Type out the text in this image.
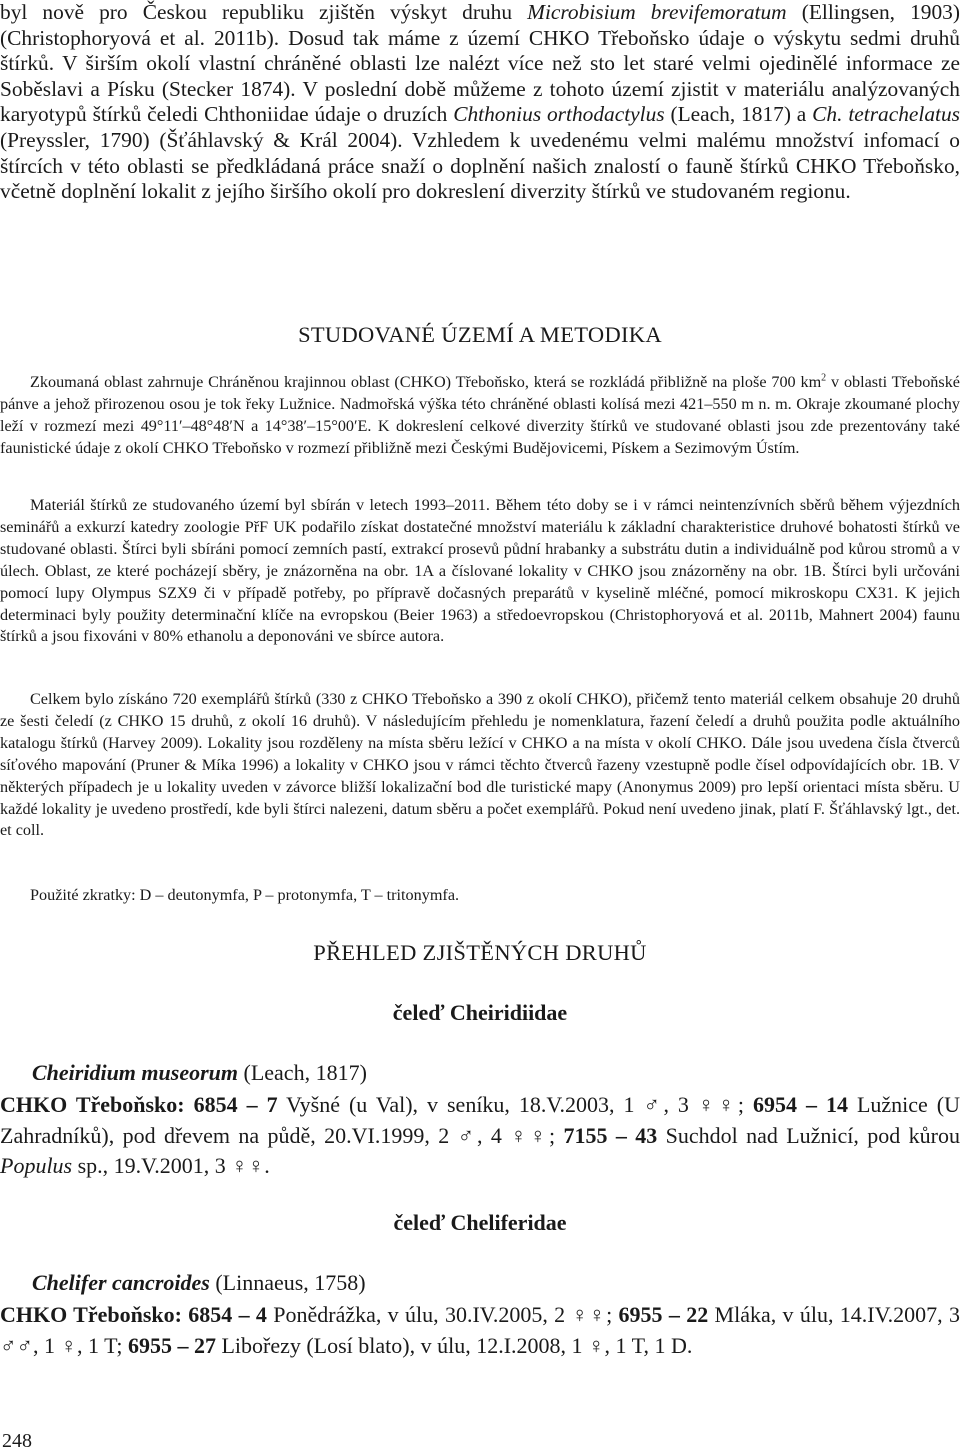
byl nově pro Českou republiku zjištěn výskyt druhu Microbisium brevifemoratum (Ellingsen, 1903) (Christophoryová et al. 2011b). Dosud tak máme z území CHKO Třeboňsko údaje o výskytu sedmi druhů štírků. V širším okolí vlastní chráněné oblasti lze nalézt více než sto let staré velmi ojedinělé informace ze Soběslavi a Písku (Stecker 1874). V poslední době můžeme z tohoto území zjistit v materiálu analýzovaných karyotypů štírků čeledi Chthoniidae údaje o druzích Chthonius orthodactylus (Leach, 1817) a Ch. tetrachelatus (Preyssler, 1790) (Šťáhlavský & Král 2004). Vzhledem k uvedenému velmi malému množství infomací o štírcích v této oblasti se předkládaná práce snaží o doplnění našich znalostí o fauně štírků CHKO Třeboňsko, včetně doplnění lokalit z jejího širšího okolí pro dokreslení diverzity štírků ve studovaném regionu.

STUDOVANÉ ÚZEMÍ A METODIKA

Zkoumaná oblast zahrnuje Chráněnou krajinnou oblast (CHKO) Třeboňsko, která se rozkládá přibližně na ploše 700 $km^2$ v oblasti Třeboňské pánve a jehož přirozenou osou je tok řeky Lužnice. Nadmořská výška této chráněné oblasti kolísá mezi 421–550 m n. m. Okraje zkoumané plochy leží v rozmezí mezi 49°11′–48°48′N a 14°38′–15°00′E. K dokreslení celkové diverzity štírků ve studované oblasti jsou zde prezentovány také faunistické údaje z okolí CHKO Třeboňsko v rozmezí přibližně mezi Českými Budějovicemi, Pískem a Sezimovým Ústím.

Materiál štírků ze studovaného území byl sbírán v letech 1993–2011. Během této doby se i v rámci neintenzívních sběrů během výjezdních seminářů a exkurzí katedry zoologie PřF UK podařilo získat dostatečné množství materiálu k základní charakteristice druhové bohatosti štírků ve studované oblasti. Štírci byli sbíráni pomocí zemních pastí, extrakcí prosevů půdní hrabanky a substrátu dutin a individuálně pod kůrou stromů a v úlech. Oblast, ze které pocházejí sběry, je znázorněna na obr. 1A a číslované lokality v CHKO jsou znázorněny na obr. 1B. Štírci byli určováni pomocí lupy Olympus SZX9 či v případě potřeby, po přípravě dočasných preparátů v kyselině mléčné, pomocí mikroskopu CX31. K jejich determinaci byly použity determinační klíče na evropskou (Beier 1963) a středoevropskou (Christophoryová et al. 2011b, Mahnert 2004) faunu štírků a jsou fixováni v 80% ethanolu a deponováni ve sbírce autora.

Celkem bylo získáno 720 exemplářů štírků (330 z CHKO Třeboňsko a 390 z okolí CHKO), přičemž tento materiál celkem obsahuje 20 druhů ze šesti čeledí (z CHKO 15 druhů, z okolí 16 druhů). V následujícím přehledu je nomenklatura, řazení čeledí a druhů použita podle aktuálního katalogu štírků (Harvey 2009). Lokality jsou rozděleny na místa sběru ležící v CHKO a na místa v okolí CHKO. Dále jsou uvedena čísla čtverců síťového mapování (Pruner & Míka 1996) a lokality v CHKO jsou v rámci těchto čtverců řazeny vzestupně podle čísel odpovídajících obr. 1B. V některých případech je u lokality uveden v závorce bližší lokalizační bod dle turistické mapy (Anonymus 2009) pro lepší orientaci místa sběru. U každé lokality je uvedeno prostředí, kde byli štírci nalezeni, datum sběru a počet exemplářů. Pokud není uvedeno jinak, platí F. Šťáhlavský lgt., det. et coll.

Použité zkratky: D – deutonymfa, P – protonymfa, T – tritonymfa.

PŘEHLED ZJIŠTĚNÝCH DRUHŮ
čeleď Cheiridiidae

Cheiridium museorum (Leach, 1817)

CHKO Třeboňsko: 6854 – 7 Vyšné (u Val), v seníku, 18.V.2003, 1 ♂, 3 ♀♀; 6954 – 14 Lužnice (U Zahradníků), pod dřevem na půdě, 20.VI.1999, 2 ♂, 4 ♀♀; 7155 – 43 Suchdol nad Lužnicí, pod kůrou Populus sp., 19.V.2001, 3 ♀♀.

čeleď Cheliferidae

Chelifer cancroides (Linnaeus, 1758)

CHKO Třeboňsko: 6854 – 4 Ponědrážka, v úlu, 30.IV.2005, 2 ♀♀; 6955 – 22 Mláka, v úlu, 14.IV.2007, 3 ♂♂, 1 ♀, 1 T; 6955 – 27 Libořezy (Losí blato), v úlu, 12.I.2008, 1 ♀, 1 T, 1 D.

248
